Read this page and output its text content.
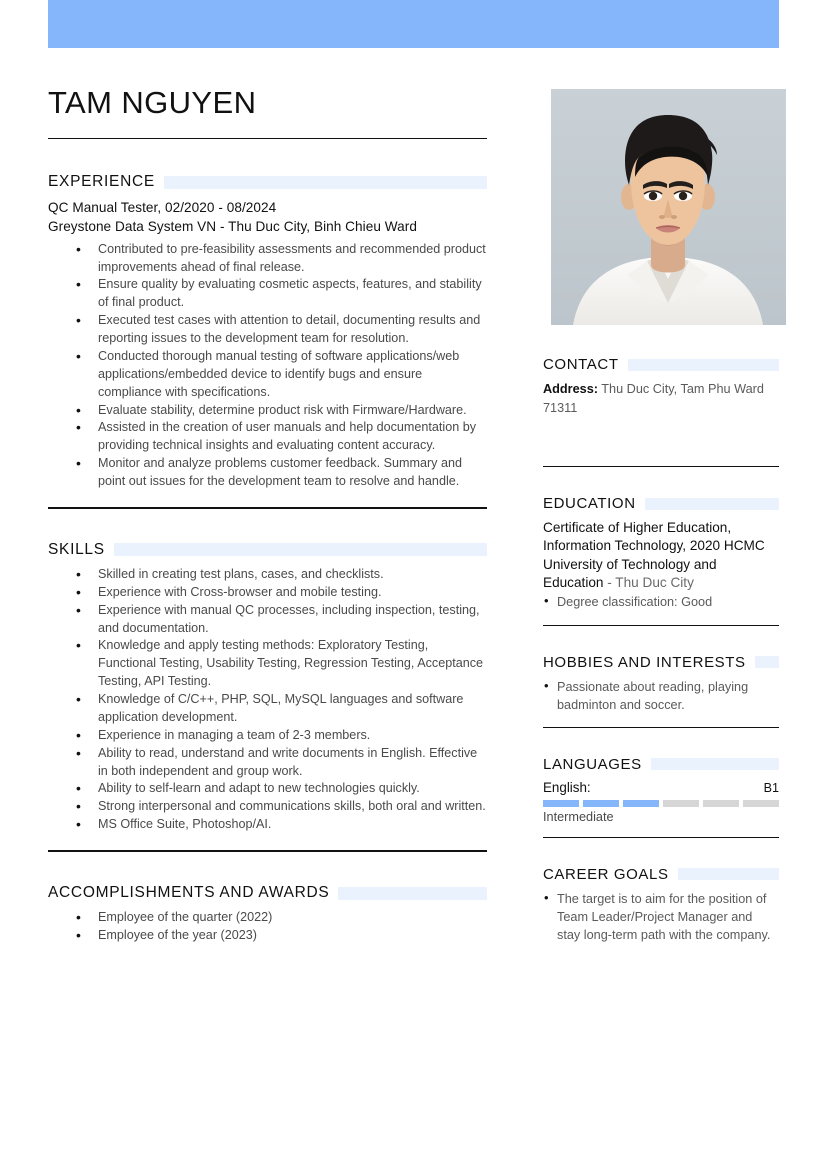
TAM NGUYEN
EXPERIENCE
QC Manual Tester, 02/2020 - 08/2024
Greystone Data System VN - Thu Duc City, Binh Chieu Ward
• Contributed to pre-feasibility assessments and recommended product improvements ahead of final release.
• Ensure quality by evaluating cosmetic aspects, features, and stability of final product.
• Executed test cases with attention to detail, documenting results and reporting issues to the development team for resolution.
• Conducted thorough manual testing of software applications/web applications/embedded device to identify bugs and ensure compliance with specifications.
• Evaluate stability, determine product risk with Firmware/Hardware.
• Assisted in the creation of user manuals and help documentation by providing technical insights and evaluating content accuracy.
• Monitor and analyze problems customer feedback. Summary and point out issues for the development team to resolve and handle.
SKILLS
• Skilled in creating test plans, cases, and checklists.
• Experience with Cross-browser and mobile testing.
• Experience with manual QC processes, including inspection, testing, and documentation.
• Knowledge and apply testing methods: Exploratory Testing, Functional Testing, Usability Testing, Regression Testing, Acceptance Testing, API Testing.
• Knowledge of C/C++, PHP, SQL, MySQL languages and software application development.
• Experience in managing a team of 2-3 members.
• Ability to read, understand and write documents in English. Effective in both independent and group work.
• Ability to self-learn and adapt to new technologies quickly.
• Strong interpersonal and communications skills, both oral and written.
• MS Office Suite, Photoshop/AI.
ACCOMPLISHMENTS AND AWARDS
• Employee of the quarter (2022)
• Employee of the year (2023)
CONTACT
Address: Thu Duc City, Tam Phu Ward 71311
EDUCATION
Certificate of Higher Education, Information Technology, 2020 HCMC University of Technology and Education - Thu Duc City
• Degree classification: Good
HOBBIES AND INTERESTS
• Passionate about reading, playing badminton and soccer.
LANGUAGES
English:	B1
Intermediate
CAREER GOALS
• The target is to aim for the position of Team Leader/Project Manager and stay long-term path with the company.
